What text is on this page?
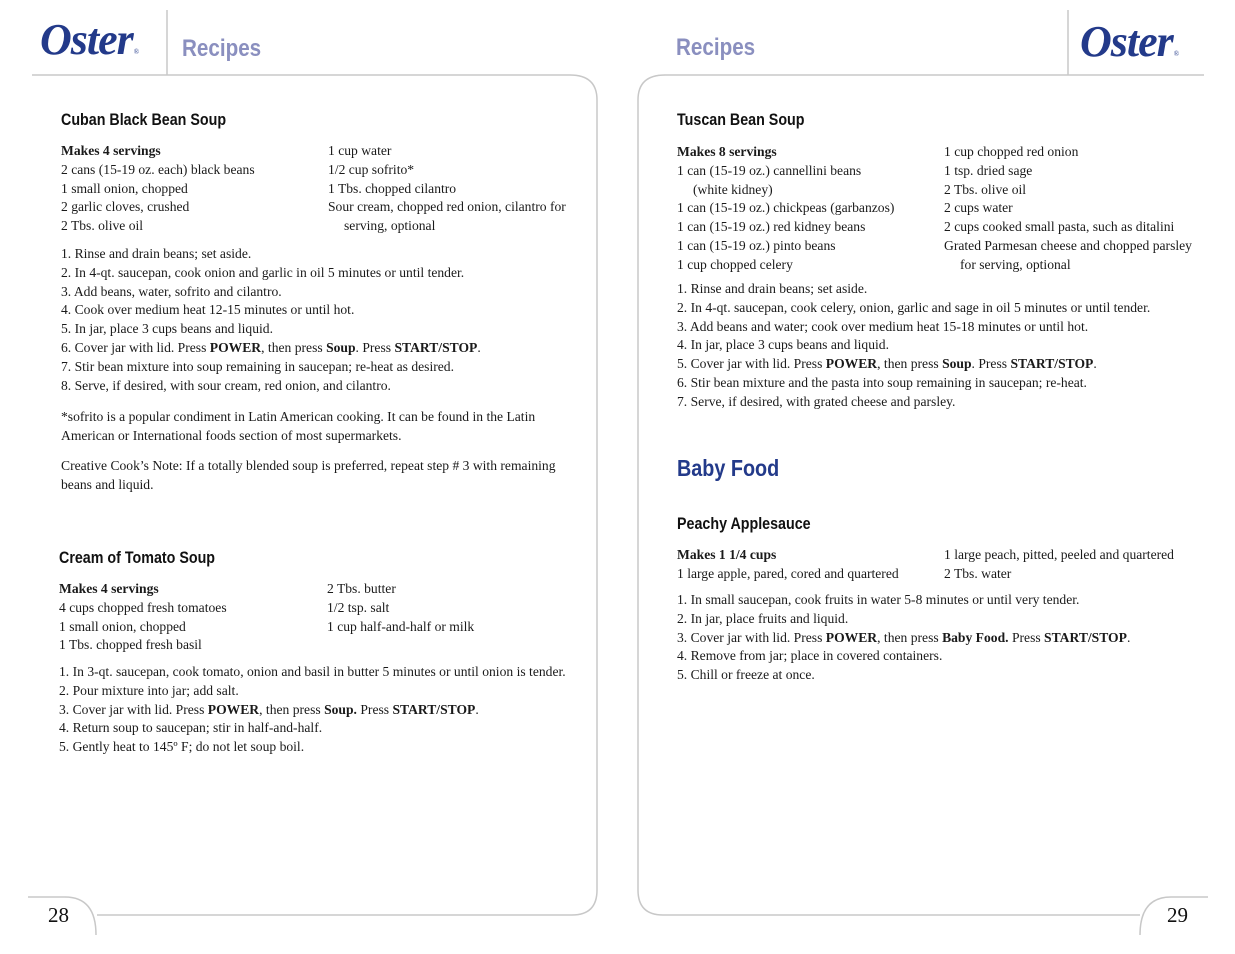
Oster® Recipes
Cuban Black Bean Soup
Makes 4 servings
2 cans (15-19 oz. each) black beans
1 small onion, chopped
2 garlic cloves, crushed
2 Tbs. olive oil
1 cup water
1/2 cup sofrito*
1 Tbs. chopped cilantro
Sour cream, chopped red onion, cilantro for
serving, optional
1. Rinse and drain beans; set aside.
2. In 4-qt. saucepan, cook onion and garlic in oil 5 minutes or until tender.
3. Add beans, water, sofrito and cilantro.
4. Cook over medium heat 12-15 minutes or until hot.
5. In jar, place 3 cups beans and liquid.
6. Cover jar with lid. Press POWER, then press Soup. Press START/STOP.
7. Stir bean mixture into soup remaining in saucepan; re-heat as desired.
8. Serve, if desired, with sour cream, red onion, and cilantro.
*sofrito is a popular condiment in Latin American cooking. It can be found in the Latin
American or International foods section of most supermarkets.
Creative Cook’s Note: If a totally blended soup is preferred, repeat step # 3 with remaining
beans and liquid.
Cream of Tomato Soup
Makes 4 servings
4 cups chopped fresh tomatoes
1 small onion, chopped
1 Tbs. chopped fresh basil
2 Tbs. butter
1/2 tsp. salt
1 cup half-and-half or milk
1. In 3-qt. saucepan, cook tomato, onion and basil in butter 5 minutes or until onion is tender.
2. Pour mixture into jar; add salt.
3. Cover jar with lid. Press POWER, then press Soup. Press START/STOP.
4. Return soup to saucepan; stir in half-and-half.
5. Gently heat to 145º F; do not let soup boil.
28
Recipes	Oster®
Tuscan Bean Soup
Makes 8 servings
1 can (15-19 oz.) cannellini beans
(white kidney)
1 can (15-19 oz.) chickpeas (garbanzos)
1 can (15-19 oz.) red kidney beans
1 can (15-19 oz.) pinto beans
1 cup chopped celery
1 cup chopped red onion
1 tsp. dried sage
2 Tbs. olive oil
2 cups water
2 cups cooked small pasta, such as ditalini
Grated Parmesan cheese and chopped parsley
for serving, optional
1. Rinse and drain beans; set aside.
2. In 4-qt. saucepan, cook celery, onion, garlic and sage in oil 5 minutes or until tender.
3. Add beans and water; cook over medium heat 15-18 minutes or until hot.
4. In jar, place 3 cups beans and liquid.
5. Cover jar with lid. Press POWER, then press Soup. Press START/STOP.
6. Stir bean mixture and the pasta into soup remaining in saucepan; re-heat.
7. Serve, if desired, with grated cheese and parsley.
Baby Food
Peachy Applesauce
Makes 1 1/4 cups
1 large apple, pared, cored and quartered
1 large peach, pitted, peeled and quartered
2 Tbs. water
1. In small saucepan, cook fruits in water 5-8 minutes or until very tender.
2. In jar, place fruits and liquid.
3. Cover jar with lid. Press POWER, then press Baby Food. Press START/STOP.
4. Remove from jar; place in covered containers.
5. Chill or freeze at once.
29
